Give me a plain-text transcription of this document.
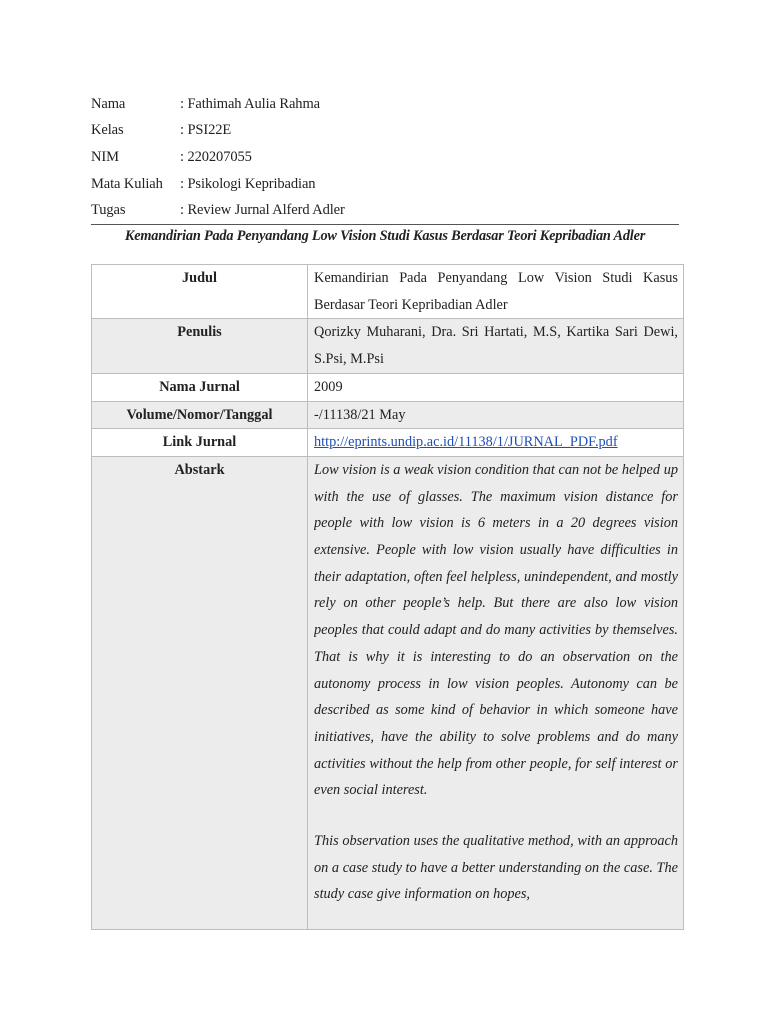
Nama	: Fathimah Aulia Rahma
Kelas	: PSI22E
NIM	: 220207055
Mata Kuliah	: Psikologi Kepribadian
Tugas	: Review Jurnal Alferd Adler
Kemandirian Pada Penyandang Low Vision Studi Kasus Berdasar Teori Kepribadian Adler
Judul	Kemandirian Pada Penyandang Low Vision Studi Kasus Berdasar Teori Kepribadian Adler
Penulis	Qorizky Muharani, Dra. Sri Hartati, M.S, Kartika Sari Dewi, S.Psi, M.Psi
Nama Jurnal	2009
Volume/Nomor/Tanggal	-/11138/21 May
Link Jurnal	http://eprints.undip.ac.id/11138/1/JURNAL_PDF.pdf
Abstark	Low vision is a weak vision condition that can not be helped up with the use of glasses. The maximum vision distance for people with low vision is 6 meters in a 20 degrees vision extensive. People with low vision usually have difficulties in their adaptation, often feel helpless, unindependent, and mostly rely on other people’s help. But there are also low vision peoples that could adapt and do many activities by themselves. That is why it is interesting to do an observation on the autonomy process in low vision peoples. Autonomy can be described as some kind of behavior in which someone have initiatives, have the ability to solve problems and do many activities without the help from other people, for self interest or even social interest.

This observation uses the qualitative method, with an approach on a case study to have a better understanding on the case. The study case give information on hopes,
